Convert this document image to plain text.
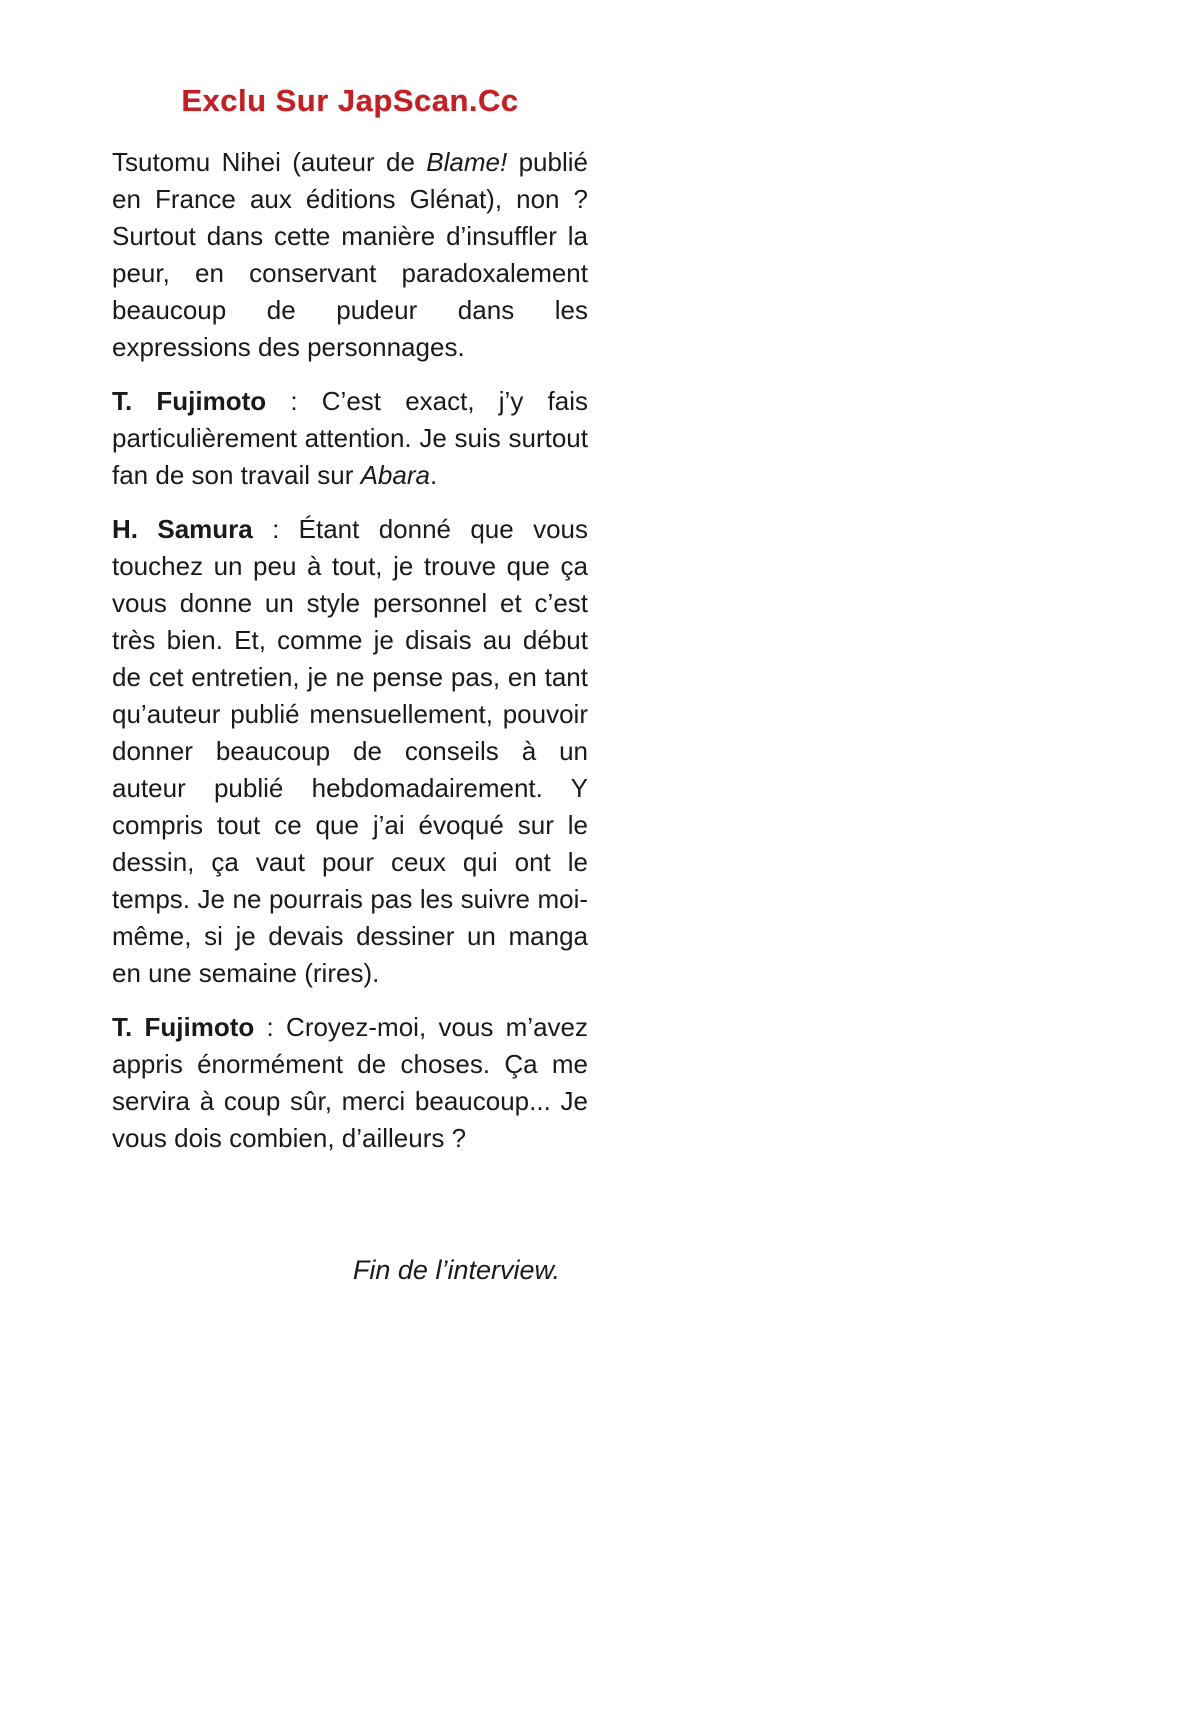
Exclu Sur JapScan.Cc

Tsutomu Nihei (auteur de Blame! publié en France aux éditions Glénat), non ? Surtout dans cette manière d’insuffler la peur, en conservant paradoxalement beaucoup de pudeur dans les expressions des personnages.

T. Fujimoto : C’est exact, j’y fais particulièrement attention. Je suis surtout fan de son travail sur Abara.

H. Samura : Étant donné que vous touchez un peu à tout, je trouve que ça vous donne un style personnel et c’est très bien. Et, comme je disais au début de cet entretien, je ne pense pas, en tant qu’auteur publié mensuellement, pouvoir donner beaucoup de conseils à un auteur publié hebdomadairement. Y compris tout ce que j’ai évoqué sur le dessin, ça vaut pour ceux qui ont le temps. Je ne pourrais pas les suivre moi-même, si je devais dessiner un manga en une semaine (rires).

T. Fujimoto : Croyez-moi, vous m’avez appris énormément de choses. Ça me servira à coup sûr, merci beaucoup... Je vous dois combien, d’ailleurs ?

Fin de l’interview.
